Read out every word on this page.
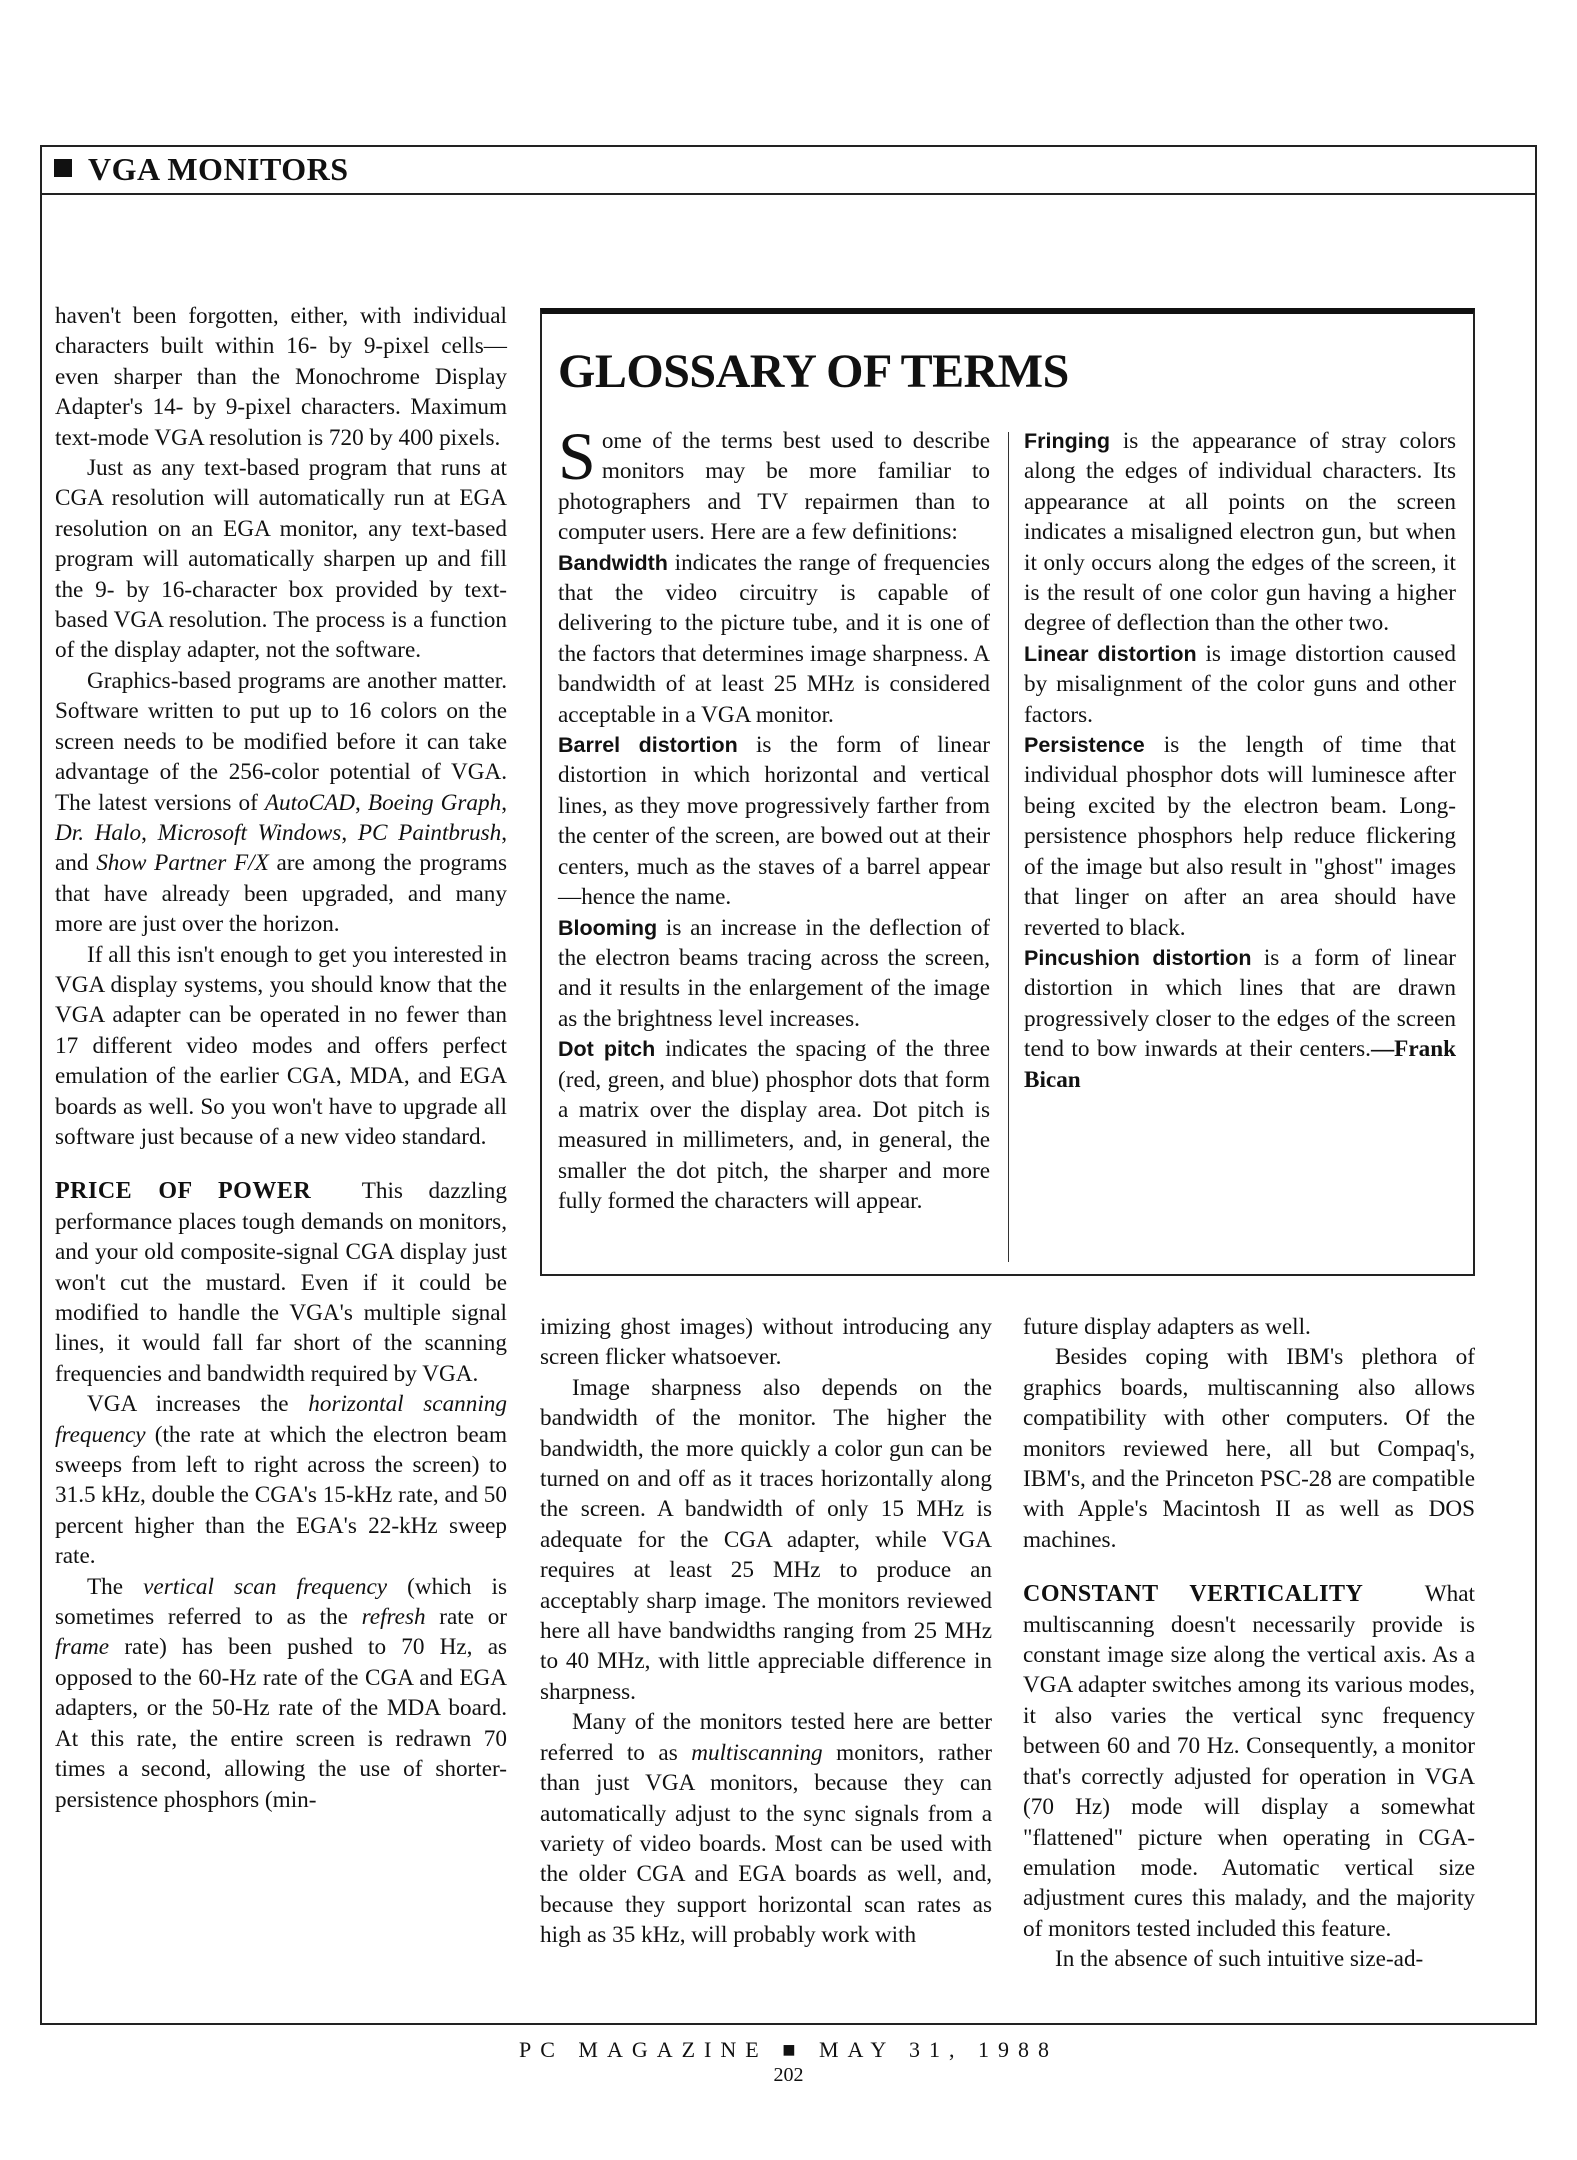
VGA MONITORS

haven't been forgotten, either, with individual characters built within 16- by 9-pixel cells—even sharper than the Monochrome Display Adapter's 14- by 9-pixel characters. Maximum text-mode VGA resolution is 720 by 400 pixels.

Just as any text-based program that runs at CGA resolution will automatically run at EGA resolution on an EGA monitor, any text-based program will automatically sharpen up and fill the 9- by 16-character box provided by text-based VGA resolution. The process is a function of the display adapter, not the software.

Graphics-based programs are another matter. Software written to put up to 16 colors on the screen needs to be modified before it can take advantage of the 256-color potential of VGA. The latest versions of AutoCAD, Boeing Graph, Dr. Halo, Microsoft Windows, PC Paintbrush, and Show Partner F/X are among the programs that have already been upgraded, and many more are just over the horizon.

If all this isn't enough to get you interested in VGA display systems, you should know that the VGA adapter can be operated in no fewer than 17 different video modes and offers perfect emulation of the earlier CGA, MDA, and EGA boards as well. So you won't have to upgrade all software just because of a new video standard.

PRICE OF POWER This dazzling performance places tough demands on monitors, and your old composite-signal CGA display just won't cut the mustard. Even if it could be modified to handle the VGA's multiple signal lines, it would fall far short of the scanning frequencies and bandwidth required by VGA.

VGA increases the horizontal scanning frequency (the rate at which the electron beam sweeps from left to right across the screen) to 31.5 kHz, double the CGA's 15-kHz rate, and 50 percent higher than the EGA's 22-kHz sweep rate.

The vertical scan frequency (which is sometimes referred to as the refresh rate or frame rate) has been pushed to 70 Hz, as opposed to the 60-Hz rate of the CGA and EGA adapters, or the 50-Hz rate of the MDA board. At this rate, the entire screen is redrawn 70 times a second, allowing the use of shorter-persistence phosphors (min-

GLOSSARY OF TERMS

S ome of the terms best used to describe monitors may be more familiar to photographers and TV repairmen than to computer users. Here are a few definitions:

Bandwidth indicates the range of frequencies that the video circuitry is capable of delivering to the picture tube, and it is one of the factors that determines image sharpness. A bandwidth of at least 25 MHz is considered acceptable in a VGA monitor.

Barrel distortion is the form of linear distortion in which horizontal and vertical lines, as they move progressively farther from the center of the screen, are bowed out at their centers, much as the staves of a barrel appear—hence the name.

Blooming is an increase in the deflection of the electron beams tracing across the screen, and it results in the enlargement of the image as the brightness level increases.

Dot pitch indicates the spacing of the three (red, green, and blue) phosphor dots that form a matrix over the display area. Dot pitch is measured in millimeters, and, in general, the smaller the dot pitch, the sharper and more fully formed the characters will appear.

Fringing is the appearance of stray colors along the edges of individual characters. Its appearance at all points on the screen indicates a misaligned electron gun, but when it only occurs along the edges of the screen, it is the result of one color gun having a higher degree of deflection than the other two.

Linear distortion is image distortion caused by misalignment of the color guns and other factors.

Persistence is the length of time that individual phosphor dots will luminesce after being excited by the electron beam. Long-persistence phosphors help reduce flickering of the image but also result in "ghost" images that linger on after an area should have reverted to black.

Pincushion distortion is a form of linear distortion in which lines that are drawn progressively closer to the edges of the screen tend to bow inwards at their centers.—Frank Bican

imizing ghost images) without introducing any screen flicker whatsoever.

Image sharpness also depends on the bandwidth of the monitor. The higher the bandwidth, the more quickly a color gun can be turned on and off as it traces horizontally along the screen. A bandwidth of only 15 MHz is adequate for the CGA adapter, while VGA requires at least 25 MHz to produce an acceptably sharp image. The monitors reviewed here all have bandwidths ranging from 25 MHz to 40 MHz, with little appreciable difference in sharpness.

Many of the monitors tested here are better referred to as multiscanning monitors, rather than just VGA monitors, because they can automatically adjust to the sync signals from a variety of video boards. Most can be used with the older CGA and EGA boards as well, and, because they support horizontal scan rates as high as 35 kHz, will probably work with

future display adapters as well.

Besides coping with IBM's plethora of graphics boards, multiscanning also allows compatibility with other computers. Of the monitors reviewed here, all but Compaq's, IBM's, and the Princeton PSC-28 are compatible with Apple's Macintosh II as well as DOS machines.

CONSTANT VERTICALITY	What multiscanning doesn't necessarily provide is constant image size along the vertical axis. As a VGA adapter switches among its various modes, it also varies the vertical sync frequency between 60 and 70 Hz. Consequently, a monitor that's correctly adjusted for operation in VGA (70 Hz) mode will display a somewhat "flattened" picture when operating in CGA-emulation mode. Automatic vertical size adjustment cures this malady, and the majority of monitors tested included this feature.

In the absence of such intuitive size-ad-

PC MAGAZINE ■ MAY 31, 1988
202
